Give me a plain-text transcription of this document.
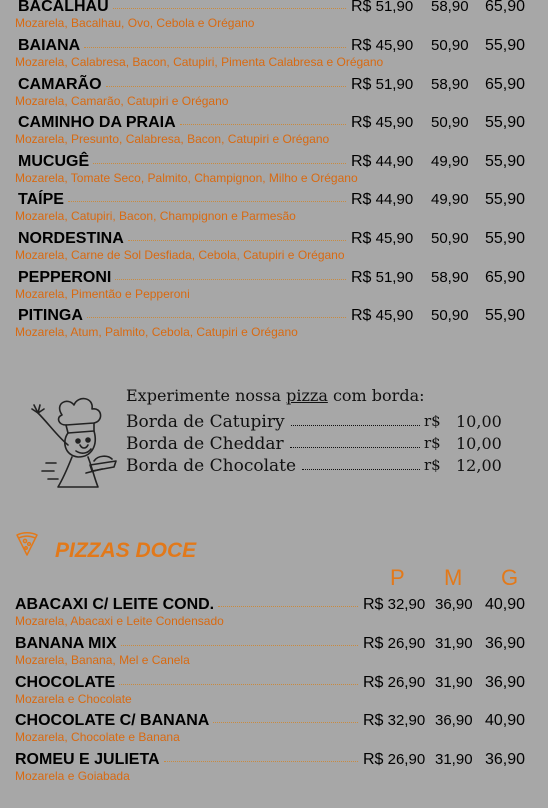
BACALHAU	R$ 51,90 58,90 65,90
Mozarela, Bacalhau, Ovo, Cebola e Orégano
BAIANA	R$ 45,90 50,90 55,90
Mozarela, Calabresa, Bacon, Catupiri, Pimenta Calabresa e Orégano
CAMARÃO	R$ 51,90 58,90 65,90
Mozarela, Camarão, Catupiri e Orégano
CAMINHO DA PRAIA	R$ 45,90 50,90 55,90
Mozarela, Presunto, Calabresa, Bacon, Catupiri e Orégano
MUCUGÊ	R$ 44,90 49,90 55,90
Mozarela, Tomate Seco, Palmito, Champignon, Milho e Orégano
TAÍPE	R$ 44,90 49,90 55,90
Mozarela, Catupiri, Bacon, Champignon e Parmesão
NORDESTINA	R$ 45,90 50,90 55,90
Mozarela, Carne de Sol Desfiada, Cebola, Catupiri e Orégano
PEPPERONI	R$ 51,90 58,90 65,90
Mozarela, Pimentão e Pepperoni
PITINGA	R$ 45,90 50,90 55,90
Mozarela, Atum, Palmito, Cebola, Catupiri e Orégano
Experimente nossa pizza com borda:
Borda de Catupiry	r$ 10,00
Borda de Cheddar	r$ 10,00
Borda de Chocolate	r$ 12,00
PIZZAS DOCE
P M G
ABACAXI C/ LEITE COND.	R$ 32,90 36,90 40,90
Mozarela, Abacaxi e Leite Condensado
BANANA MIX	R$ 26,90 31,90 36,90
Mozarela, Banana, Mel e Canela
CHOCOLATE	R$ 26,90 31,90 36,90
Mozarela e Chocolate
CHOCOLATE C/ BANANA	R$ 32,90 36,90 40,90
Mozarela, Chocolate e Banana
ROMEU E JULIETA	R$ 26,90 31,90 36,90
Mozarela e Goiabada
